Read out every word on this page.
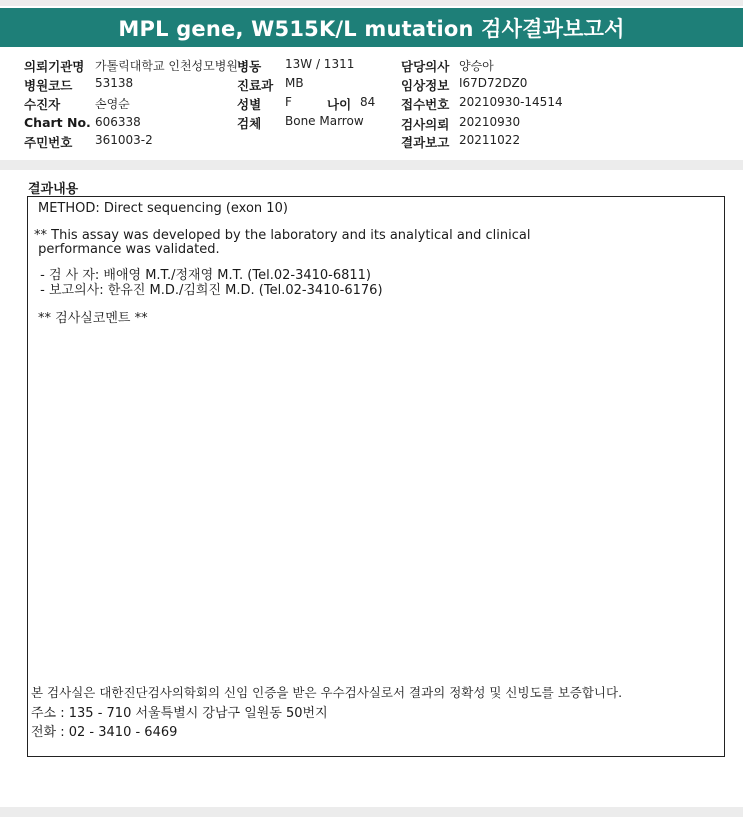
MPL gene, W515K/L mutation 검사결과보고서
의뢰기관명 가톨릭대학교 인천성모병원 병동 13W / 1311	담당의사 양승아
병원코드 53138	진료과 MB	임상정보 I67D72DZ0
수진자	손영순	성별 F	나이 84 접수번호 20210930-14514
Chart No. 606338	검체 Bone Marrow	검사의뢰 20210930
주민번호 361003-2	결과보고 20211022
결과내용
METHOD: Direct sequencing (exon 10)
** This assay was developed by the laboratory and its analytical and clinical
performance was validated.
- 검 사 자: 배애영 M.T./정재영 M.T. (Tel.02-3410-6811)
- 보고의사: 한유진 M.D./김희진 M.D. (Tel.02-3410-6176)
** 검사실코멘트 **
본 검사실은 대한진단검사의학회의 신임 인증을 받은 우수검사실로서 결과의 정확성 및 신빙도를 보증합니다.
주소 : 135 - 710 서울특별시 강남구 일원동 50번지
전화 : 02 - 3410 - 6469
